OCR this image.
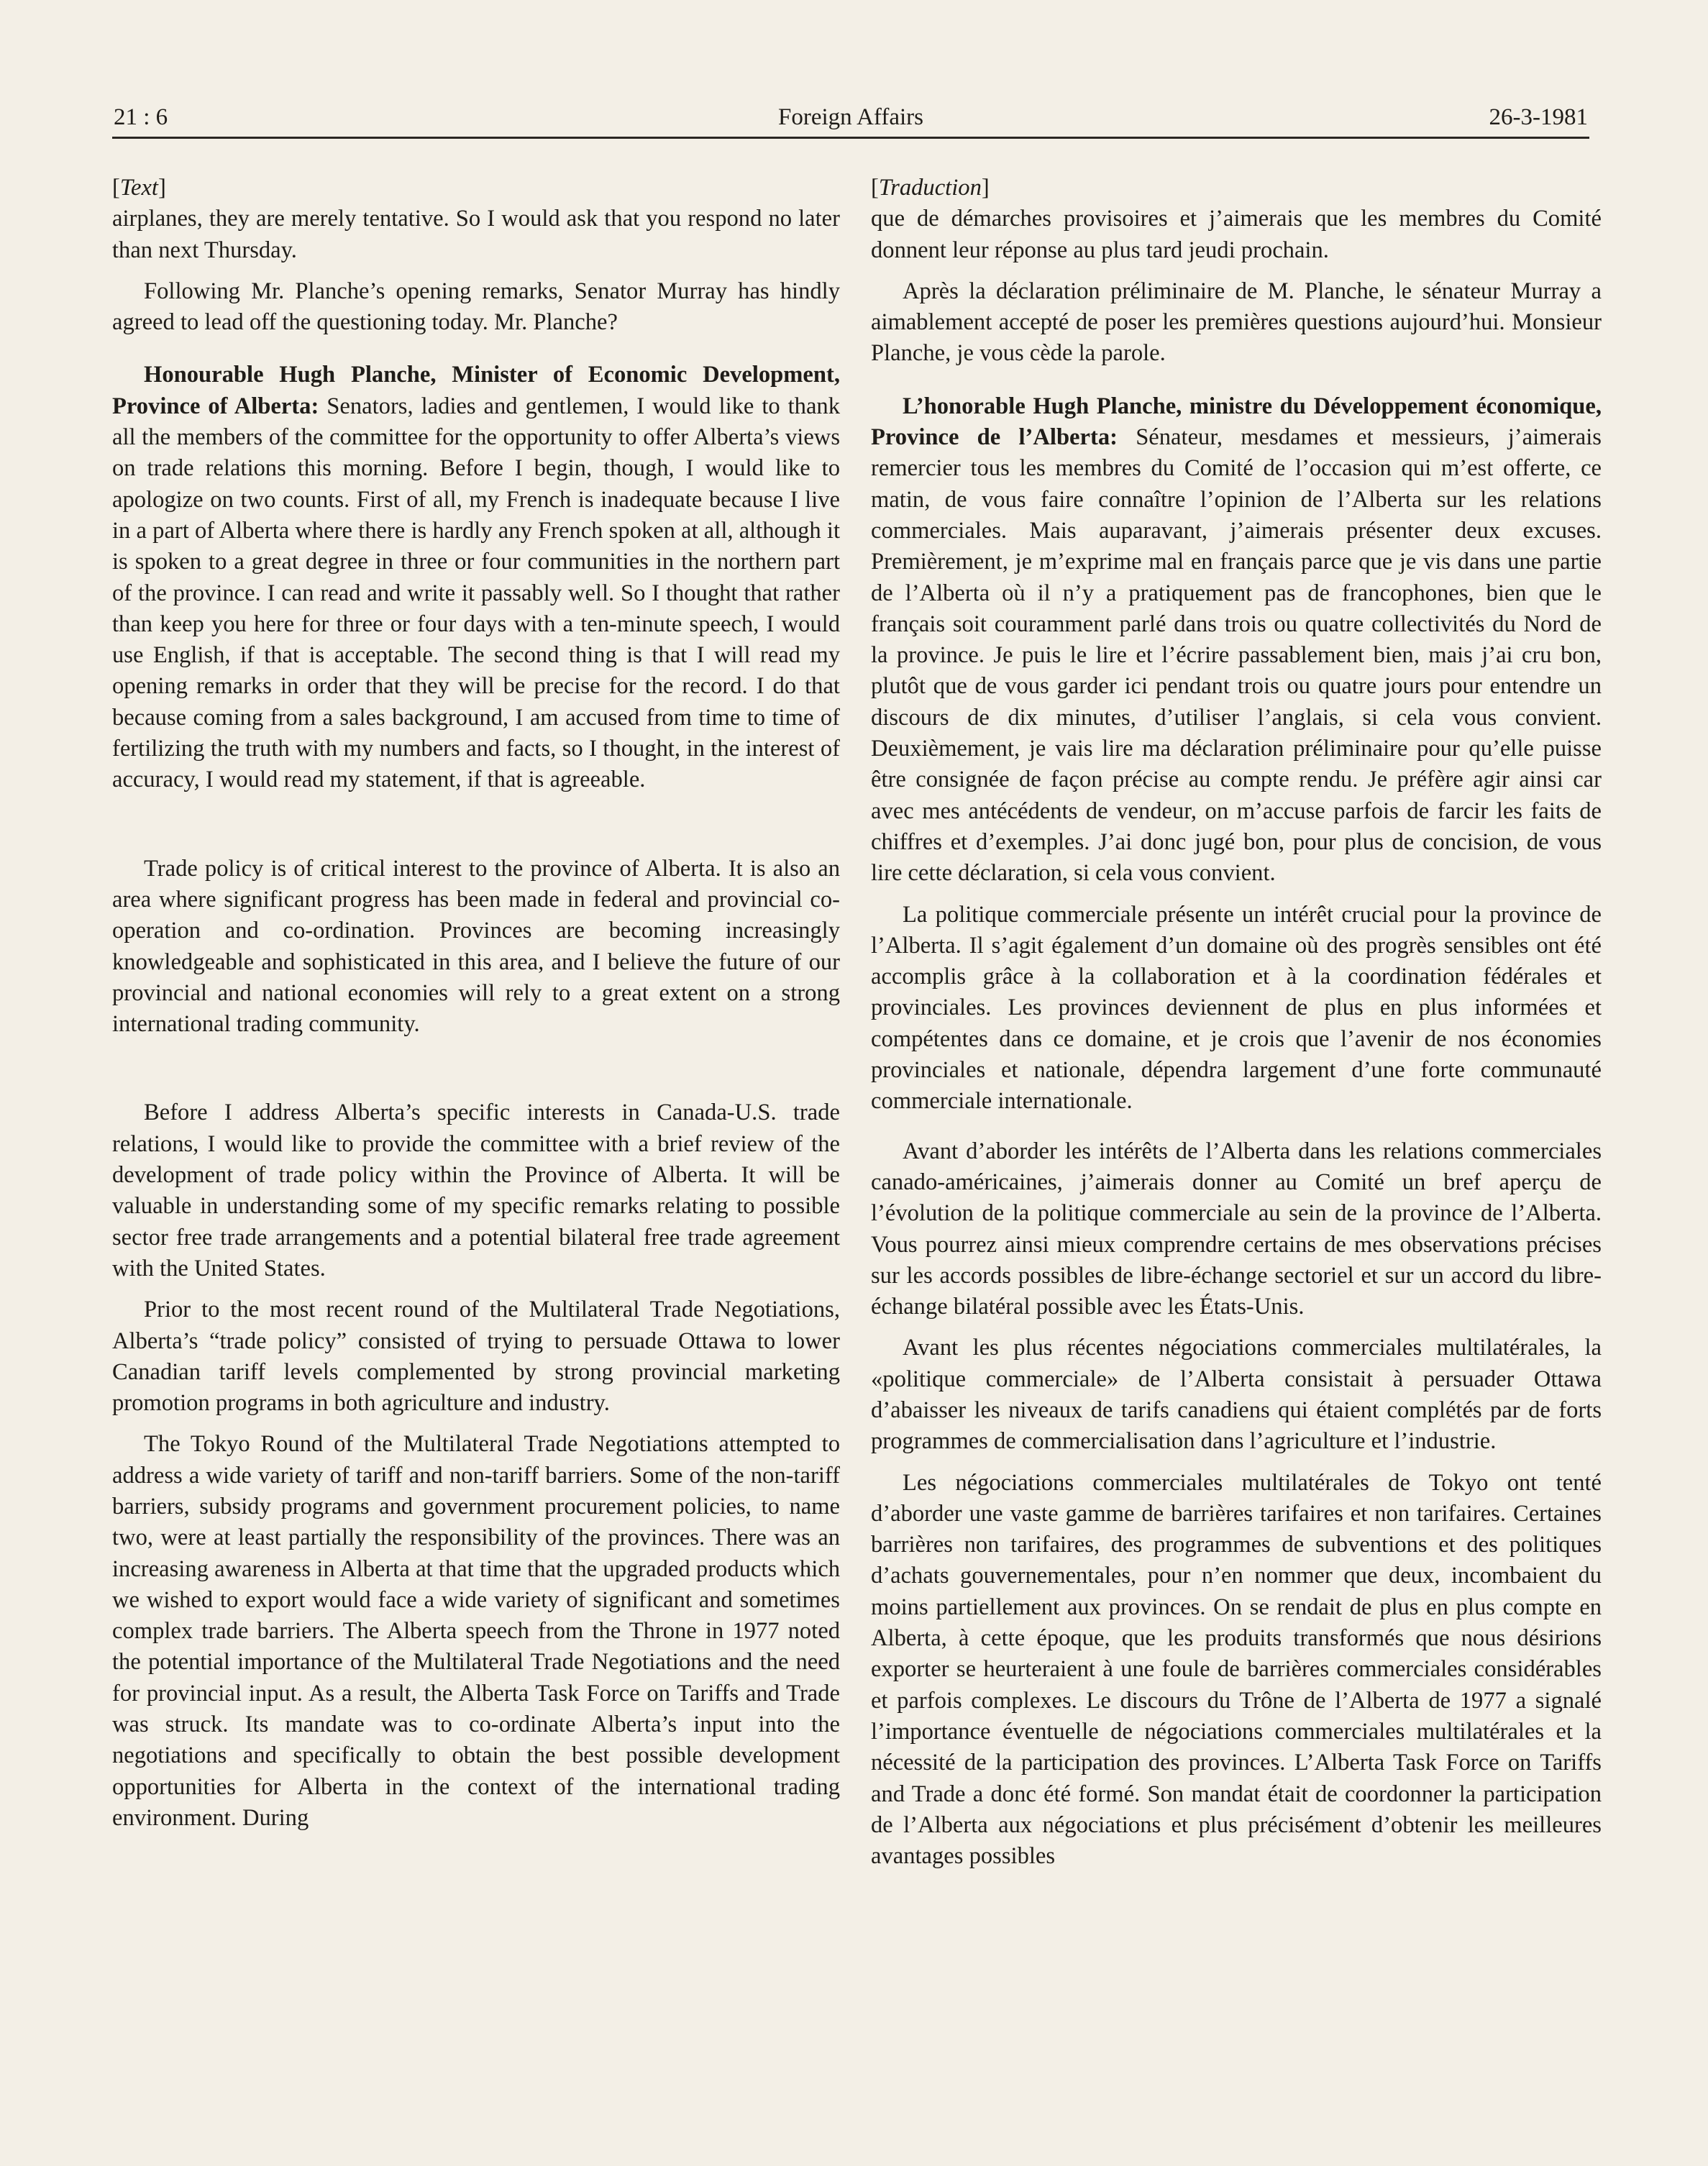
21 : 6	Foreign Affairs	26-3-1981

[Text]

airplanes, they are merely tentative. So I would ask that you respond no later than next Thursday.

Following Mr. Planche’s opening remarks, Senator Murray has hindly agreed to lead off the questioning today. Mr. Planche?

Honourable Hugh Planche, Minister of Economic Development, Province of Alberta: Senators, ladies and gentlemen, I would like to thank all the members of the committee for the opportunity to offer Alberta’s views on trade relations this morning. Before I begin, though, I would like to apologize on two counts. First of all, my French is inadequate because I live in a part of Alberta where there is hardly any French spoken at all, although it is spoken to a great degree in three or four communities in the northern part of the province. I can read and write it passably well. So I thought that rather than keep you here for three or four days with a ten-minute speech, I would use English, if that is acceptable. The second thing is that I will read my opening remarks in order that they will be precise for the record. I do that because coming from a sales background, I am accused from time to time of fertilizing the truth with my numbers and facts, so I thought, in the interest of accuracy, I would read my statement, if that is agreeable.

Trade policy is of critical interest to the province of Alberta. It is also an area where significant progress has been made in federal and provincial co-operation and co-ordination. Provinces are becoming increasingly knowledgeable and sophisticated in this area, and I believe the future of our provincial and national economies will rely to a great extent on a strong international trading community.

Before I address Alberta’s specific interests in Canada-U.S. trade relations, I would like to provide the committee with a brief review of the development of trade policy within the Province of Alberta. It will be valuable in understanding some of my specific remarks relating to possible sector free trade arrangements and a potential bilateral free trade agreement with the United States.

Prior to the most recent round of the Multilateral Trade Negotiations, Alberta’s “trade policy” consisted of trying to persuade Ottawa to lower Canadian tariff levels complemented by strong provincial marketing promotion programs in both agriculture and industry.

The Tokyo Round of the Multilateral Trade Negotiations attempted to address a wide variety of tariff and non-tariff barriers. Some of the non-tariff barriers, subsidy programs and government procurement policies, to name two, were at least partially the responsibility of the provinces. There was an increasing awareness in Alberta at that time that the upgraded products which we wished to export would face a wide variety of significant and sometimes complex trade barriers. The Alberta speech from the Throne in 1977 noted the potential importance of the Multilateral Trade Negotiations and the need for provincial input. As a result, the Alberta Task Force on Tariffs and Trade was struck. Its mandate was to co-ordinate Alberta’s input into the negotiations and specifically to obtain the best possible development opportunities for Alberta in the context of the international trading environment. During

[Traduction]

que de démarches provisoires et j’aimerais que les membres du Comité donnent leur réponse au plus tard jeudi prochain.

Après la déclaration préliminaire de M. Planche, le sénateur Murray a aimablement accepté de poser les premières questions aujourd’hui. Monsieur Planche, je vous cède la parole.

L’honorable Hugh Planche, ministre du Développement économique, Province de l’Alberta: Sénateur, mesdames et messieurs, j’aimerais remercier tous les membres du Comité de l’occasion qui m’est offerte, ce matin, de vous faire connaître l’opinion de l’Alberta sur les relations commerciales. Mais auparavant, j’aimerais présenter deux excuses. Premièrement, je m’exprime mal en français parce que je vis dans une partie de l’Alberta où il n’y a pratiquement pas de francophones, bien que le français soit couramment parlé dans trois ou quatre collectivités du Nord de la province. Je puis le lire et l’écrire passablement bien, mais j’ai cru bon, plutôt que de vous garder ici pendant trois ou quatre jours pour entendre un discours de dix minutes, d’utiliser l’anglais, si cela vous convient. Deuxièmement, je vais lire ma déclaration préliminaire pour qu’elle puisse être consignée de façon précise au compte rendu. Je préfère agir ainsi car avec mes antécédents de vendeur, on m’accuse parfois de farcir les faits de chiffres et d’exemples. J’ai donc jugé bon, pour plus de concision, de vous lire cette déclaration, si cela vous convient.

La politique commerciale présente un intérêt crucial pour la province de l’Alberta. Il s’agit également d’un domaine où des progrès sensibles ont été accomplis grâce à la collaboration et à la coordination fédérales et provinciales. Les provinces deviennent de plus en plus informées et compétentes dans ce domaine, et je crois que l’avenir de nos économies provinciales et nationale, dépendra largement d’une forte communauté commerciale internationale.

Avant d’aborder les intérêts de l’Alberta dans les relations commerciales canado-américaines, j’aimerais donner au Comité un bref aperçu de l’évolution de la politique commerciale au sein de la province de l’Alberta. Vous pourrez ainsi mieux comprendre certains de mes observations précises sur les accords possibles de libre-échange sectoriel et sur un accord du libre-échange bilatéral possible avec les États-Unis.

Avant les plus récentes négociations commerciales multilatérales, la «politique commerciale» de l’Alberta consistait à persuader Ottawa d’abaisser les niveaux de tarifs canadiens qui étaient complétés par de forts programmes de commercialisation dans l’agriculture et l’industrie.

Les négociations commerciales multilatérales de Tokyo ont tenté d’aborder une vaste gamme de barrières tarifaires et non tarifaires. Certaines barrières non tarifaires, des programmes de subventions et des politiques d’achats gouvernementales, pour n’en nommer que deux, incombaient du moins partiellement aux provinces. On se rendait de plus en plus compte en Alberta, à cette époque, que les produits transformés que nous désirions exporter se heurteraient à une foule de barrières commerciales considérables et parfois complexes. Le discours du Trône de l’Alberta de 1977 a signalé l’importance éventuelle de négociations commerciales multilatérales et la nécessité de la participation des provinces. L’Alberta Task Force on Tariffs and Trade a donc été formé. Son mandat était de coordonner la participation de l’Alberta aux négociations et plus précisément d’obtenir les meilleures avantages possibles
